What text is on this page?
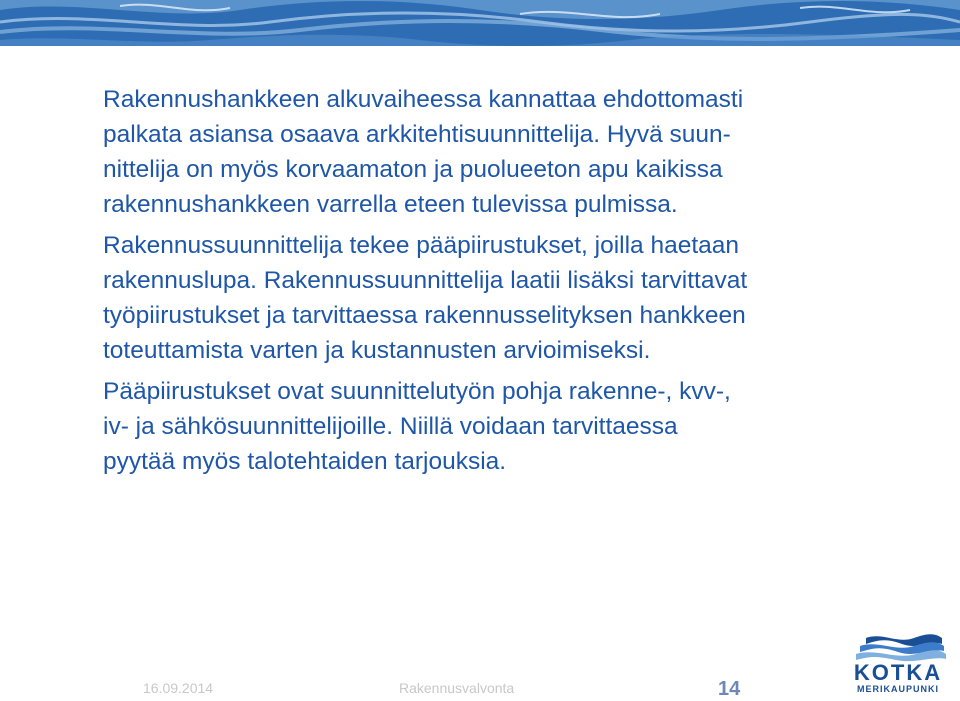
Rakennushankkeen alkuvaiheessa kannattaa ehdottomasti
palkata asiansa osaava arkkitehtisuunnittelija. Hyvä suun-
nittelija on myös korvaamaton ja puolueeton apu kaikissa
rakennushankkeen varrella eteen tulevissa pulmissa.

Rakennussuunnittelija tekee pääpiirustukset, joilla haetaan
rakennuslupa. Rakennussuunnittelija laatii lisäksi tarvittavat
työpiirustukset ja tarvittaessa rakennusselityksen hankkeen
toteuttamista varten ja kustannusten arvioimiseksi.

Pääpiirustukset ovat suunnittelutyön pohja rakenne-, kvv-,
iv- ja sähkösuunnittelijoille. Niillä voidaan tarvittaessa
pyytää myös talotehtaiden tarjouksia.

16.09.2014	Rakennusvalvonta	14
KOTKA
MERIKAUPUNKI
